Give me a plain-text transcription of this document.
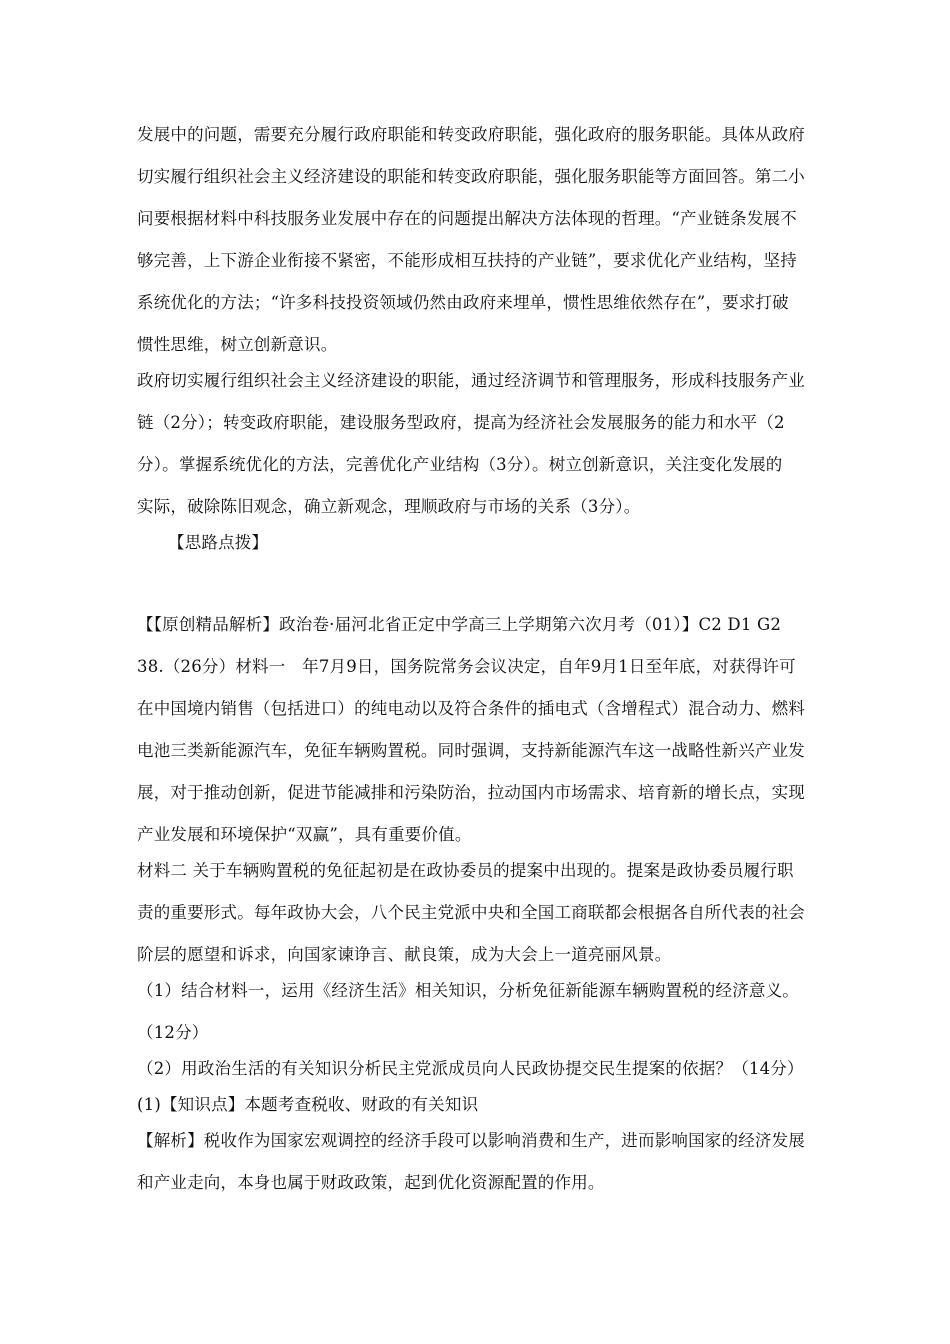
发展中的问题，需要充分履行政府职能和转变政府职能，强化政府的服务职能。具体从政府
切实履行组织社会主义经济建设的职能和转变政府职能，强化服务职能等方面回答。第二小
问要根据材料中科技服务业发展中存在的问题提出解决方法体现的哲理。“产业链条发展不
够完善，上下游企业衔接不紧密，不能形成相互扶持的产业链”，要求优化产业结构，坚持
系统优化的方法；“许多科技投资领域仍然由政府来埋单，惯性思维依然存在”，要求打破
惯性思维，树立创新意识。
政府切实履行组织社会主义经济建设的职能，通过经济调节和管理服务，形成科技服务产业
链（2分）；转变政府职能，建设服务型政府，提高为经济社会发展服务的能力和水平（2
分）。掌握系统优化的方法，完善优化产业结构（3分）。树立创新意识，关注变化发展的
实际，破除陈旧观念，确立新观念，理顺政府与市场的关系（3分）。
【思路点拨】
【【原创精品解析】政治卷·届河北省正定中学高三上学期第六次月考（01）】C2 D1 G2
38.（26分）材料一　年7月9日，国务院常务会议决定，自年9月1日至年底，对获得许可
在中国境内销售（包括进口）的纯电动以及符合条件的插电式（含增程式）混合动力、燃料
电池三类新能源汽车，免征车辆购置税。同时强调，支持新能源汽车这一战略性新兴产业发
展，对于推动创新，促进节能减排和污染防治，拉动国内市场需求、培育新的增长点，实现
产业发展和环境保护“双赢”，具有重要价值。
材料二 关于车辆购置税的免征起初是在政协委员的提案中出现的。提案是政协委员履行职
责的重要形式。每年政协大会，八个民主党派中央和全国工商联都会根据各自所代表的社会
阶层的愿望和诉求，向国家谏诤言、献良策，成为大会上一道亮丽风景。
（1）结合材料一，运用《经济生活》相关知识，分析免征新能源车辆购置税的经济意义。
（12分）
（2）用政治生活的有关知识分析民主党派成员向人民政协提交民生提案的依据？（14分）
(1)【知识点】本题考查税收、财政的有关知识
【解析】税收作为国家宏观调控的经济手段可以影响消费和生产，进而影响国家的经济发展
和产业走向，本身也属于财政政策，起到优化资源配置的作用。
